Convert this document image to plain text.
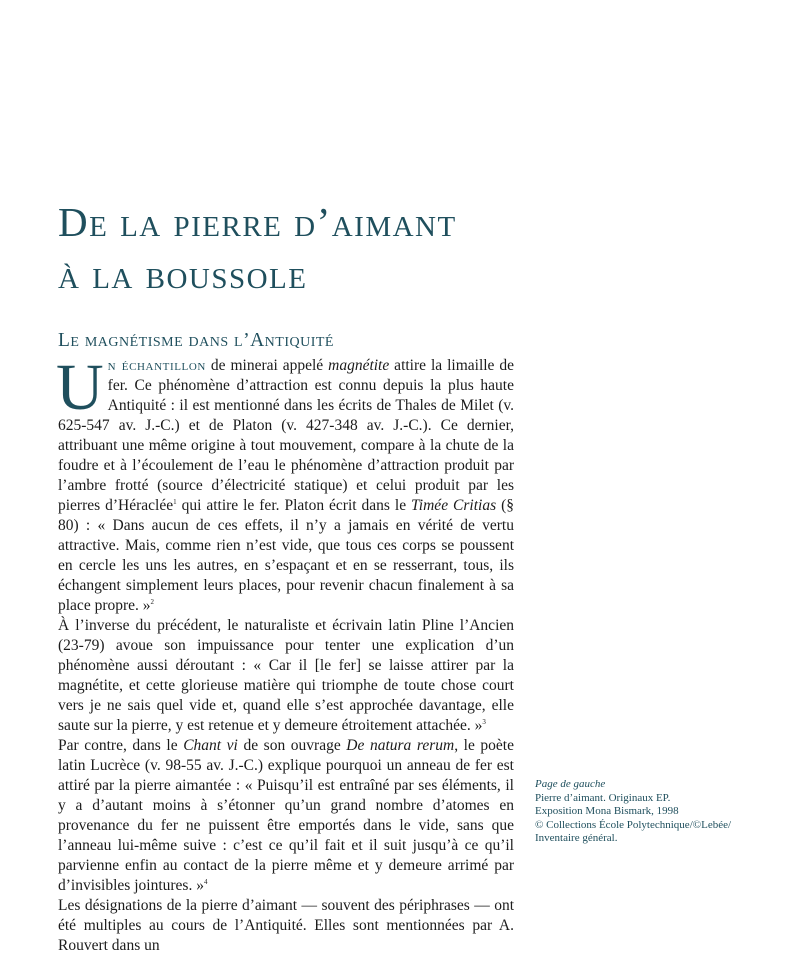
De la pierre d’aimant
à la boussole
Le magnétisme dans l’Antiquité

Un échantillon de minerai appelé magnétite attire la limaille de fer. Ce phénomène d’attraction est connu depuis la plus haute Antiquité : il est mentionné dans les écrits de Thales de Milet (v. 625-547 av. J.-C.) et de Platon (v. 427-348 av. J.-C.). Ce dernier, attribuant une même origine à tout mouvement, compare à la chute de la foudre et à l’écoulement de l’eau le phénomène d’attraction produit par l’ambre frotté (source d’électricité statique) et celui produit par les pierres d’Héraclée$^1$ qui attire le fer. Platon écrit dans le Timée Critias (§ 80) : « Dans aucun de ces effets, il n’y a jamais en vérité de vertu attractive. Mais, comme rien n’est vide, que tous ces corps se poussent en cercle les uns les autres, en s’espaçant et en se resserrant, tous, ils échangent simplement leurs places, pour revenir chacun finalement à sa place propre. »$^2$

À l’inverse du précédent, le naturaliste et écrivain latin Pline l’Ancien (23-79) avoue son impuissance pour tenter une explication d’un phénomène aussi déroutant : « Car il [le fer] se laisse attirer par la magnétite, et cette glorieuse matière qui triomphe de toute chose court vers je ne sais quel vide et, quand elle s’est approchée davantage, elle saute sur la pierre, y est retenue et y demeure étroitement attachée. »$^3$

Par contre, dans le Chant vi de son ouvrage De natura rerum, le poète latin Lucrèce (v. 98-55 av. J.-C.) explique pourquoi un anneau de fer est attiré par la pierre aimantée : « Puisqu’il est entraîné par ses éléments, il y a d’autant moins à s’étonner qu’un grand nombre d’atomes en provenance du fer ne puissent être emportés dans le vide, sans que l’anneau lui-même suive : c’est ce qu’il fait et il suit jusqu’à ce qu’il parvienne enfin au contact de la pierre même et y demeure arrimé par d’invisibles jointures. »$^4$

Les désignations de la pierre d’aimant — souvent des périphrases — ont été multiples au cours de l’Antiquité. Elles sont mentionnées par A. Rouvert dans un

Page de gauche
Pierre d’aimant. Originaux EP.
Exposition Mona Bismark, 1998
© Collections École Polytechnique/©Lebée/
Inventaire général.
